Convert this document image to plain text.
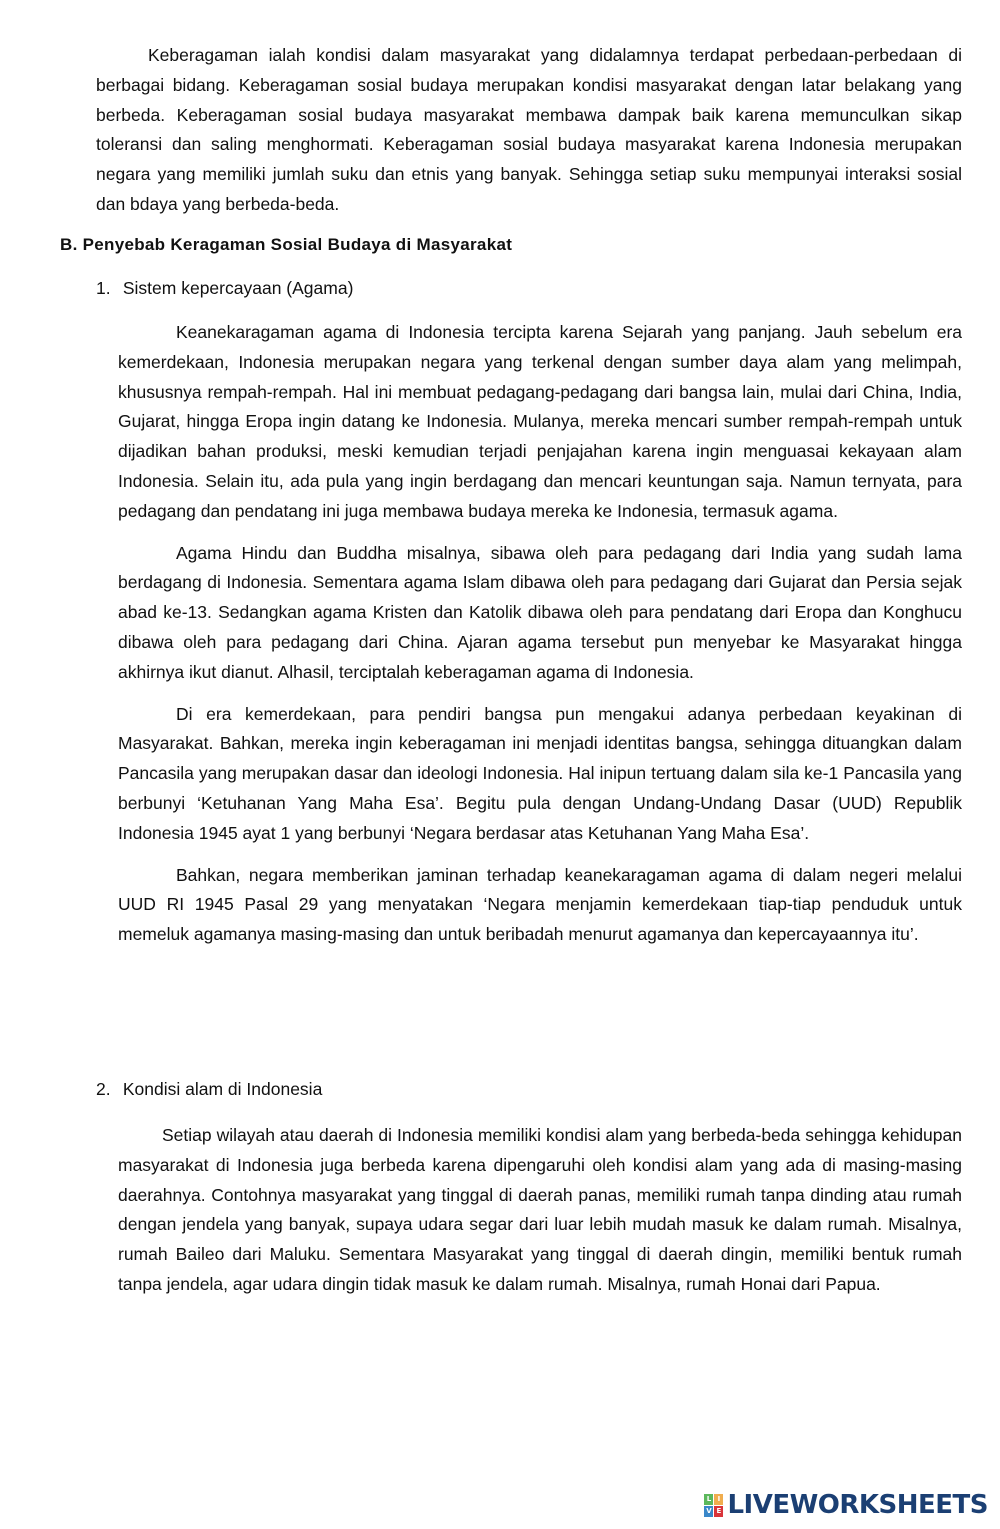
Keberagaman ialah kondisi dalam masyarakat yang didalamnya terdapat perbedaan-perbedaan di berbagai bidang. Keberagaman sosial budaya merupakan kondisi masyarakat dengan latar belakang yang berbeda. Keberagaman sosial budaya masyarakat membawa dampak baik karena memunculkan sikap toleransi dan saling menghormati. Keberagaman sosial budaya masyarakat karena Indonesia merupakan negara yang memiliki jumlah suku dan etnis yang banyak. Sehingga setiap suku mempunyai interaksi sosial dan bdaya yang berbeda-beda.

B. Penyebab Keragaman Sosial Budaya di Masyarakat
1. Sistem kepercayaan (Agama)

Keanekaragaman agama di Indonesia tercipta karena Sejarah yang panjang. Jauh sebelum era kemerdekaan, Indonesia merupakan negara yang terkenal dengan sumber daya alam yang melimpah, khususnya rempah-rempah. Hal ini membuat pedagang-pedagang dari bangsa lain, mulai dari China, India, Gujarat, hingga Eropa ingin datang ke Indonesia. Mulanya, mereka mencari sumber rempah-rempah untuk dijadikan bahan produksi, meski kemudian terjadi penjajahan karena ingin menguasai kekayaan alam Indonesia. Selain itu, ada pula yang ingin berdagang dan mencari keuntungan saja. Namun ternyata, para pedagang dan pendatang ini juga membawa budaya mereka ke Indonesia, termasuk agama.

Agama Hindu dan Buddha misalnya, sibawa oleh para pedagang dari India yang sudah lama berdagang di Indonesia. Sementara agama Islam dibawa oleh para pedagang dari Gujarat dan Persia sejak abad ke-13. Sedangkan agama Kristen dan Katolik dibawa oleh para pendatang dari Eropa dan Konghucu dibawa oleh para pedagang dari China. Ajaran agama tersebut pun menyebar ke Masyarakat hingga akhirnya ikut dianut. Alhasil, terciptalah keberagaman agama di Indonesia.

Di era kemerdekaan, para pendiri bangsa pun mengakui adanya perbedaan keyakinan di Masyarakat. Bahkan, mereka ingin keberagaman ini menjadi identitas bangsa, sehingga dituangkan dalam Pancasila yang merupakan dasar dan ideologi Indonesia. Hal inipun tertuang dalam sila ke-1 Pancasila yang berbunyi ‘Ketuhanan Yang Maha Esa’. Begitu pula dengan Undang-Undang Dasar (UUD) Republik Indonesia 1945 ayat 1 yang berbunyi ‘Negara berdasar atas Ketuhanan Yang Maha Esa’.

Bahkan, negara memberikan jaminan terhadap keanekaragaman agama di dalam negeri melalui UUD RI 1945 Pasal 29 yang menyatakan ‘Negara menjamin kemerdekaan tiap-tiap penduduk untuk memeluk agamanya masing-masing dan untuk beribadah menurut agamanya dan kepercayaannya itu’.

2. Kondisi alam di Indonesia

Setiap wilayah atau daerah di Indonesia memiliki kondisi alam yang berbeda-beda sehingga kehidupan masyarakat di Indonesia juga berbeda karena dipengaruhi oleh kondisi alam yang ada di masing-masing daerahnya. Contohnya masyarakat yang tinggal di daerah panas, memiliki rumah tanpa dinding atau rumah dengan jendela yang banyak, supaya udara segar dari luar lebih mudah masuk ke dalam rumah. Misalnya, rumah Baileo dari Maluku. Sementara Masyarakat yang tinggal di daerah dingin, memiliki bentuk rumah tanpa jendela, agar udara dingin tidak masuk ke dalam rumah. Misalnya, rumah Honai dari Papua.

L I
V E LIVEWORKSHEETS
